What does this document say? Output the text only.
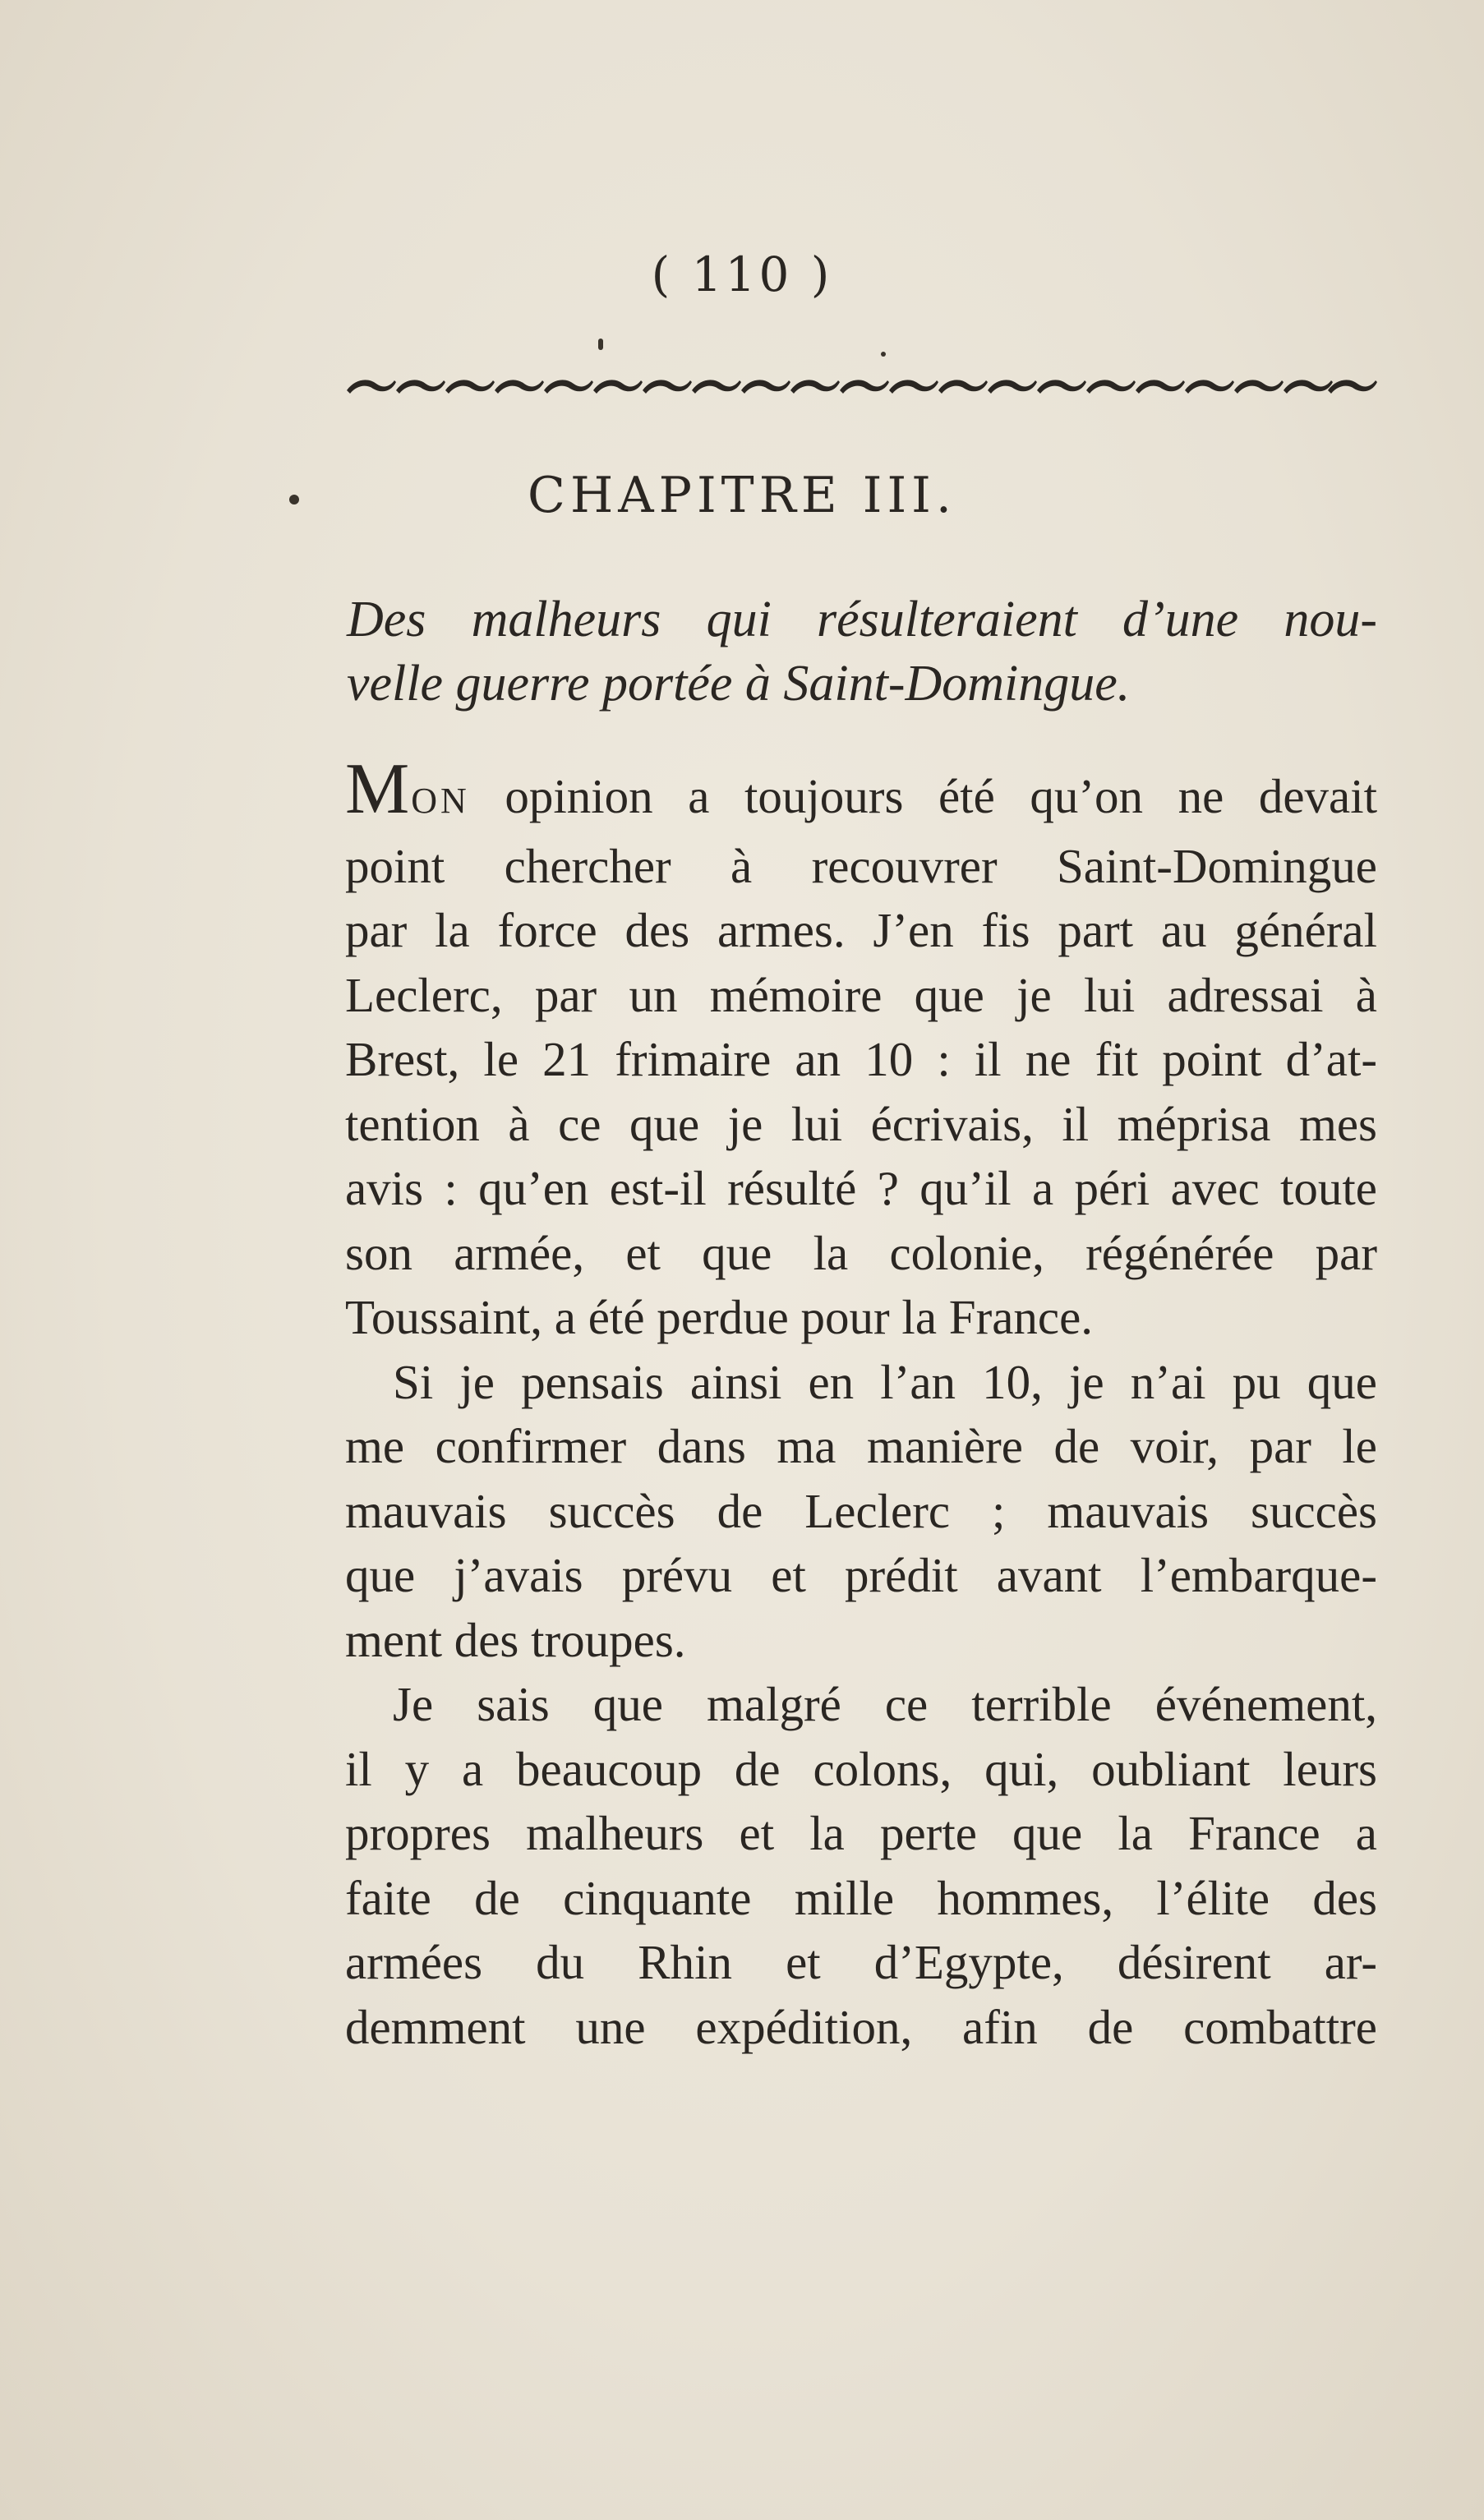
( 110 )
CHAPITRE III.
Des malheurs qui résulteraient d’une nou-
velle guerre portée à Saint-Domingue.
MON opinion a toujours été qu’on ne devait
point chercher à recouvrer Saint-Domingue
par la force des armes. J’en fis part au général
Leclerc, par un mémoire que je lui adressai à
Brest, le 21 frimaire an 10 : il ne fit point d’at-
tention à ce que je lui écrivais, il méprisa mes
avis : qu’en est-il résulté ? qu’il a péri avec toute
son armée, et que la colonie, régénérée par
Toussaint, a été perdue pour la France.
Si je pensais ainsi en l’an 10, je n’ai pu que
me confirmer dans ma manière de voir, par le
mauvais succès de Leclerc ; mauvais succès
que j’avais prévu et prédit avant l’embarque-
ment des troupes.
Je sais que malgré ce terrible événement,
il y a beaucoup de colons, qui, oubliant leurs
propres malheurs et la perte que la France a
faite de cinquante mille hommes, l’élite des
armées du Rhin et d’Egypte, désirent ar-
demment une expédition, afin de combattre
